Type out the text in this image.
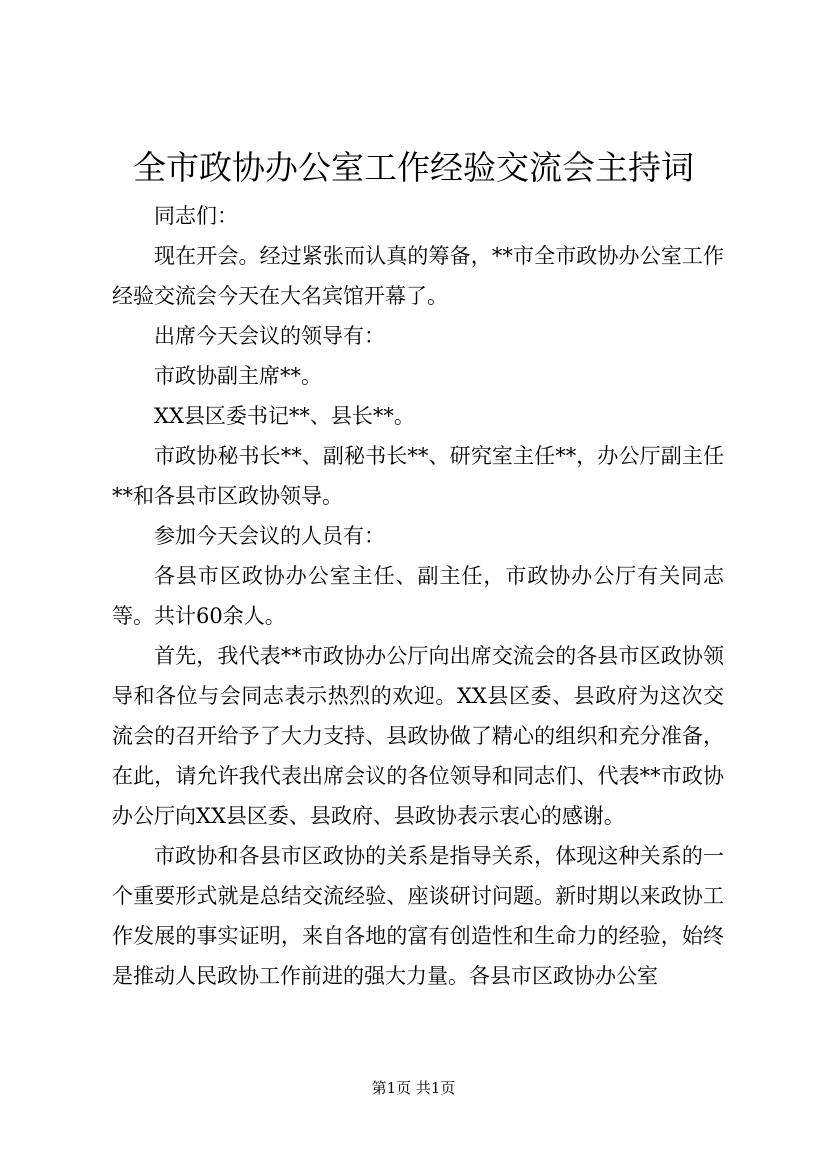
全市政协办公室工作经验交流会主持词

同志们：

现在开会。经过紧张而认真的筹备，**市全市政协办公室工作经验交流会今天在大名宾馆开幕了。

出席今天会议的领导有：

市政协副主席**。

XX县区委书记**、县长**。

市政协秘书长**、副秘书长**、研究室主任**，办公厅副主任**和各县市区政协领导。

参加今天会议的人员有：

各县市区政协办公室主任、副主任，市政协办公厅有关同志等。共计60余人。

首先，我代表**市政协办公厅向出席交流会的各县市区政协领导和各位与会同志表示热烈的欢迎。XX县区委、县政府为这次交流会的召开给予了大力支持、县政协做了精心的组织和充分准备，在此，请允许我代表出席会议的各位领导和同志们、代表**市政协办公厅向XX县区委、县政府、县政协表示衷心的感谢。

市政协和各县市区政协的关系是指导关系，体现这种关系的一个重要形式就是总结交流经验、座谈研讨问题。新时期以来政协工作发展的事实证明，来自各地的富有创造性和生命力的经验，始终是推动人民政协工作前进的强大力量。各县市区政协办公室

第1页 共1页
